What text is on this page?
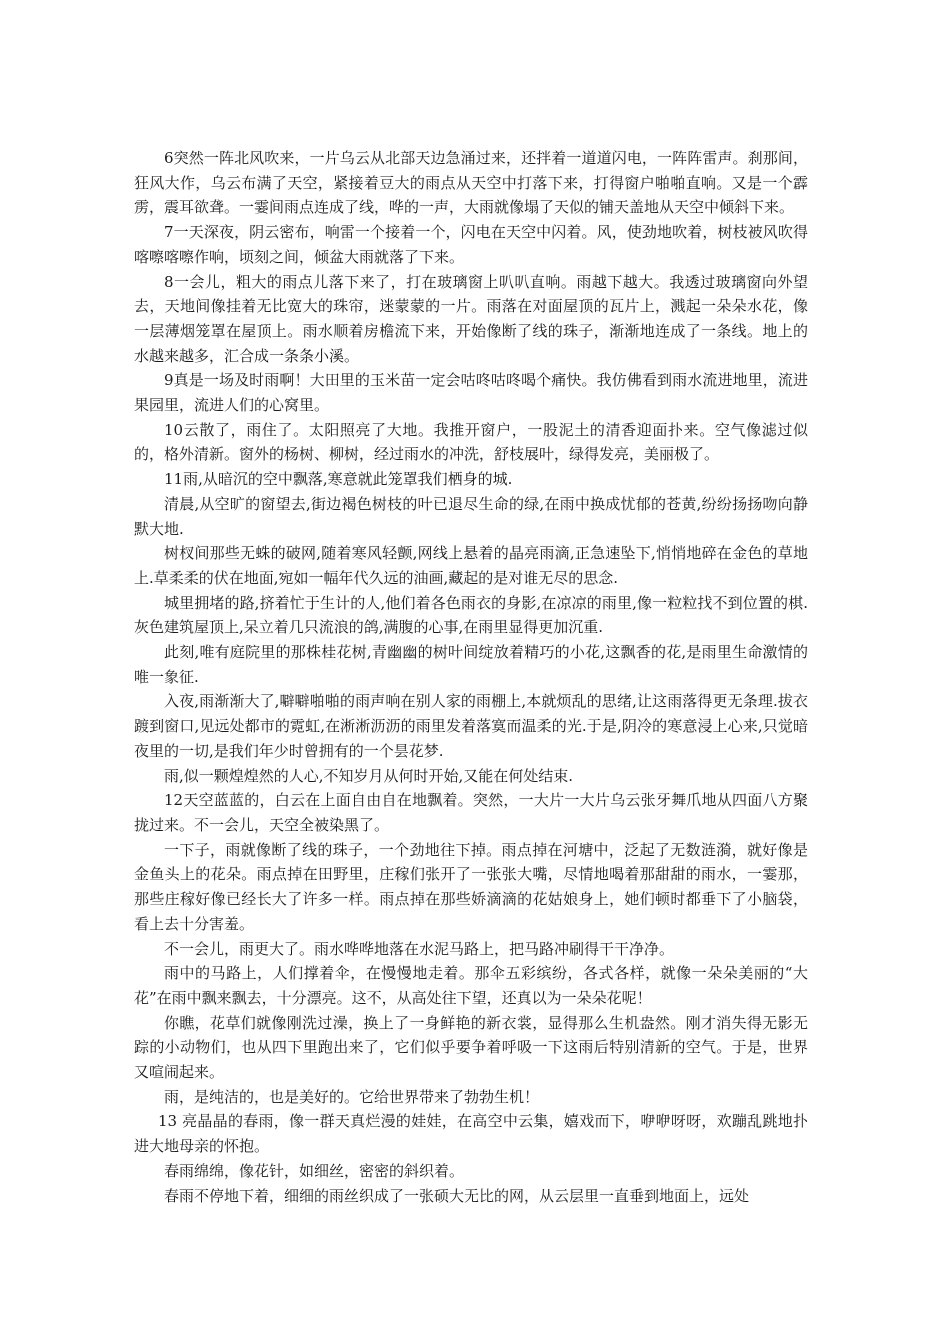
6突然一阵北风吹来，一片乌云从北部天边急涌过来，还拌着一道道闪电，一阵阵雷声。刹那间，狂风大作，乌云布满了天空，紧接着豆大的雨点从天空中打落下来，打得窗户啪啪直响。又是一个霹雳，震耳欲聋。一霎间雨点连成了线，哗的一声，大雨就像塌了天似的铺天盖地从天空中倾斜下来。

7一天深夜，阴云密布，响雷一个接着一个，闪电在天空中闪着。风，使劲地吹着，树枝被风吹得喀嚓喀嚓作响，顷刻之间，倾盆大雨就落了下来。

8一会儿，粗大的雨点儿落下来了，打在玻璃窗上叭叭直响。雨越下越大。我透过玻璃窗向外望去，天地间像挂着无比宽大的珠帘，迷蒙蒙的一片。雨落在对面屋顶的瓦片上，溅起一朵朵水花，像一层薄烟笼罩在屋顶上。雨水顺着房檐流下来，开始像断了线的珠子，渐渐地连成了一条线。地上的水越来越多，汇合成一条条小溪。

9真是一场及时雨啊！大田里的玉米苗一定会咕咚咕咚喝个痛快。我仿佛看到雨水流进地里，流进果园里，流进人们的心窝里。

10云散了，雨住了。太阳照亮了大地。我推开窗户，一股泥土的清香迎面扑来。空气像滤过似的，格外清新。窗外的杨树、柳树，经过雨水的冲洗，舒枝展叶，绿得发亮，美丽极了。

11雨,从暗沉的空中飘落,寒意就此笼罩我们栖身的城.

清晨,从空旷的窗望去,街边褐色树枝的叶已退尽生命的绿,在雨中换成忧郁的苍黄,纷纷扬扬吻向静默大地.

树杈间那些无蛛的破网,随着寒风轻颤,网线上悬着的晶亮雨滴,正急速坠下,悄悄地碎在金色的草地上.草柔柔的伏在地面,宛如一幅年代久远的油画,藏起的是对谁无尽的思念.

城里拥堵的路,挤着忙于生计的人,他们着各色雨衣的身影,在凉凉的雨里,像一粒粒找不到位置的棋.灰色建筑屋顶上,呆立着几只流浪的鸽,满腹的心事,在雨里显得更加沉重.

此刻,唯有庭院里的那株桂花树,青幽幽的树叶间绽放着精巧的小花,这飘香的花,是雨里生命激情的唯一象征.

入夜,雨渐渐大了,噼噼啪啪的雨声响在别人家的雨棚上,本就烦乱的思绪,让这雨落得更无条理.拔衣踱到窗口,见远处都市的霓虹,在淅淅沥沥的雨里发着落寞而温柔的光.于是,阴冷的寒意浸上心来,只觉暗夜里的一切,是我们年少时曾拥有的一个昙花梦.

雨,似一颗煌煌然的人心,不知岁月从何时开始,又能在何处结束.

12天空蓝蓝的，白云在上面自由自在地飘着。突然，一大片一大片乌云张牙舞爪地从四面八方聚拢过来。不一会儿，天空全被染黑了。

一下子，雨就像断了线的珠子，一个劲地往下掉。雨点掉在河塘中，泛起了无数涟漪，就好像是金鱼头上的花朵。雨点掉在田野里，庄稼们张开了一张张大嘴，尽情地喝着那甜甜的雨水，一霎那，那些庄稼好像已经长大了许多一样。雨点掉在那些娇滴滴的花姑娘身上，她们顿时都垂下了小脑袋，看上去十分害羞。

不一会儿，雨更大了。雨水哗哗地落在水泥马路上，把马路冲刷得干干净净。

雨中的马路上，人们撑着伞，在慢慢地走着。那伞五彩缤纷，各式各样，就像一朵朵美丽的“大花”在雨中飘来飘去，十分漂亮。这不，从高处往下望，还真以为一朵朵花呢！

你瞧，花草们就像刚洗过澡，换上了一身鲜艳的新衣裳，显得那么生机盎然。刚才消失得无影无踪的小动物们，也从四下里跑出来了，它们似乎要争着呼吸一下这雨后特别清新的空气。于是，世界又喧闹起来。

雨，是纯洁的，也是美好的。它给世界带来了勃勃生机！

13 亮晶晶的春雨，像一群天真烂漫的娃娃，在高空中云集，嬉戏而下，咿咿呀呀，欢蹦乱跳地扑进大地母亲的怀抱。

春雨绵绵，像花针，如细丝，密密的斜织着。

春雨不停地下着，细细的雨丝织成了一张硕大无比的网，从云层里一直垂到地面上，远处
